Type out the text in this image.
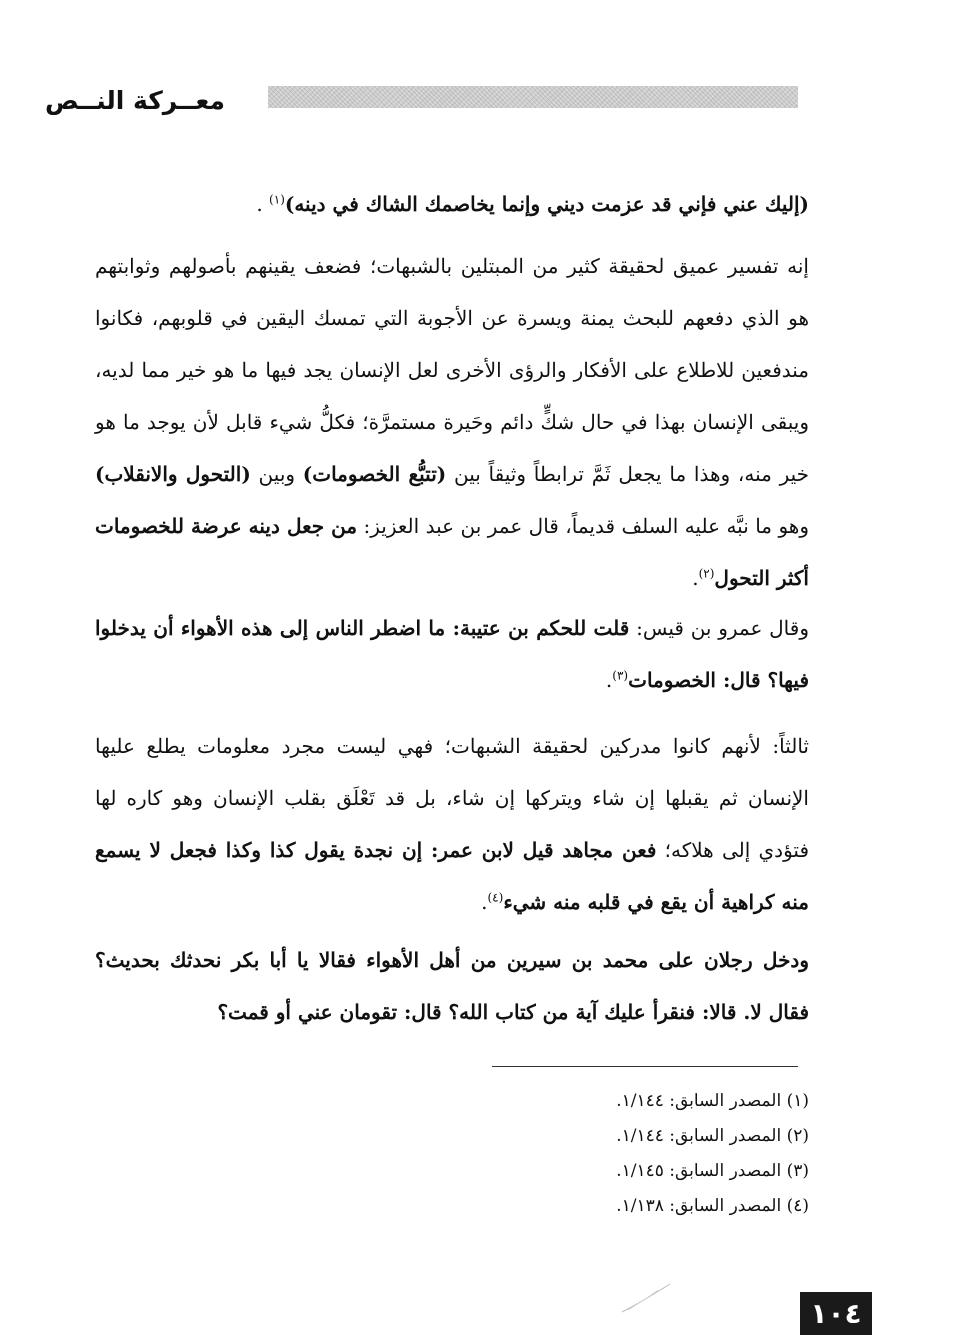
معــركة النــص

(إليك عني فإني قد عزمت ديني وإنما يخاصمك الشاك في دينه)$^{(١)}$ .

إنه تفسير عميق لحقيقة كثير من المبتلين بالشبهات؛ فضعف يقينهم بأصولهم وثوابتهم هو الذي دفعهم للبحث يمنة ويسرة عن الأجوبة التي تمسك اليقين في قلوبهم، فكانوا مندفعين للاطلاع على الأفكار والرؤى الأخرى لعل الإنسان يجد فيها ما هو خير مما لديه، ويبقى الإنسان بهذا في حال شكٍّ دائم وحَيرة مستمرَّة؛ فكلُّ شيء قابل لأن يوجد ما هو خير منه، وهذا ما يجعل ثَمَّ ترابطاً وثيقاً بين (تتبُّع الخصومات) وبين (التحول والانقلاب) وهو ما نبَّه عليه السلف قديماً، قال عمر بن عبد العزيز: من جعل دينه عرضة للخصومات أكثر التحول$^{(٢)}$.

وقال عمرو بن قيس: قلت للحكم بن عتيبة: ما اضطر الناس إلى هذه الأهواء أن يدخلوا فيها؟ قال: الخصومات$^{(٣)}$.

ثالثاً: لأنهم كانوا مدركين لحقيقة الشبهات؛ فهي ليست مجرد معلومات يطلع عليها الإنسان ثم يقبلها إن شاء ويتركها إن شاء، بل قد تَعْلَق بقلب الإنسان وهو كاره لها فتؤدي إلى هلاكه؛ فعن مجاهد قيل لابن عمر: إن نجدة يقول كذا وكذا فجعل لا يسمع منه كراهية أن يقع في قلبه منه شيء$^{(٤)}$.

ودخل رجلان على محمد بن سيرين من أهل الأهواء فقالا يا أبا بكر نحدثك بحديث؟ فقال لا. قالا: فنقرأ عليك آية من كتاب الله؟ قال: تقومان عني أو قمت؟

(١) المصدر السابق: ١/١٤٤.
(٢) المصدر السابق: ١/١٤٤.
(٣) المصدر السابق: ١/١٤٥.
(٤) المصدر السابق: ١/١٣٨.
١٠٤
